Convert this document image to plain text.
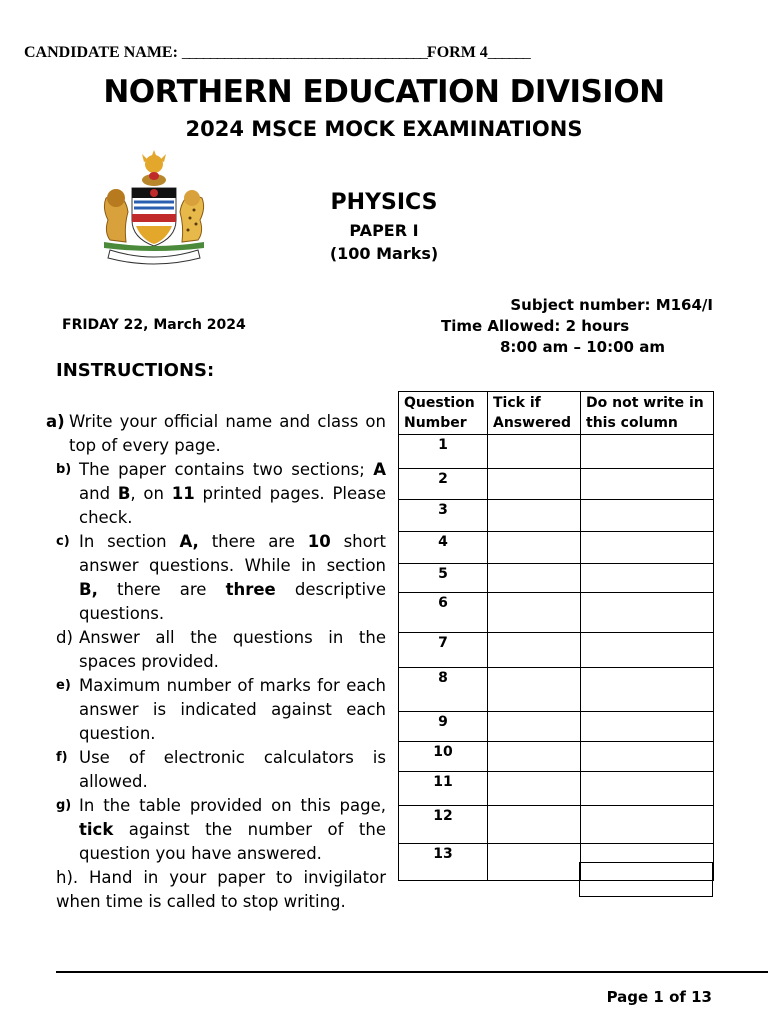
CANDIDATE NAME: ___________________________________FORM 4______
NORTHERN EDUCATION DIVISION
2024 MSCE MOCK EXAMINATIONS
PHYSICS
PAPER I
(100 Marks)
Subject number: M164/I
FRIDAY 22, March 2024	Time Allowed: 2 hours
8:00 am – 10:00 am
INSTRUCTIONS:
a) Write your official name and class on top of every page.
b) The paper contains two sections; A and B, on 11 printed pages. Please check.
c) In section A, there are 10 short answer questions. While in section B, there are three descriptive questions.
d) Answer all the questions in the spaces provided.
e) Maximum number of marks for each answer is indicated against each question.
f) Use of electronic calculators is allowed.
g) In the table provided on this page, tick against the number of the question you have answered.
h). Hand in your paper to invigilator when time is called to stop writing.
Question Number	Tick if Answered	Do not write in this column
1		
2		
3		
4		
5		
6		
7		
8		
9		
10		
11		
12		
13		
Page 1 of 13
